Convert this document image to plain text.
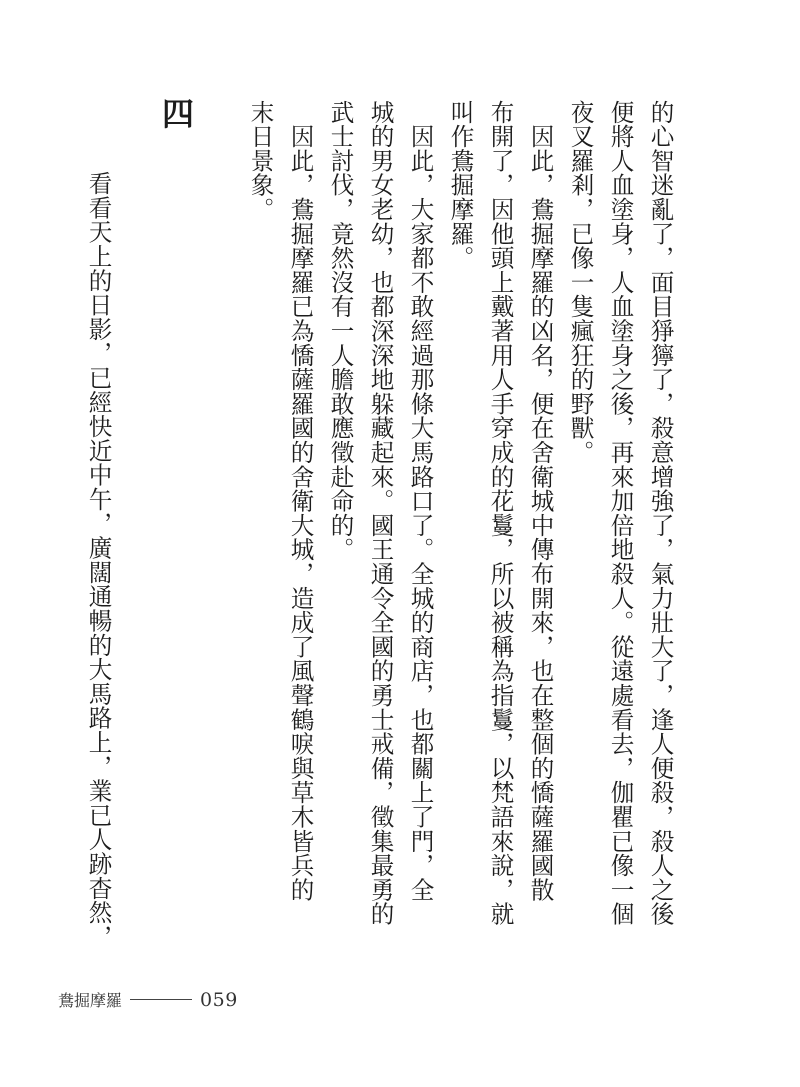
的心智迷亂了，面目猙獰了，殺意增強了，氣力壯大了，逢人便殺，殺人之後

便將人血塗身，人血塗身之後，再來加倍地殺人。從遠處看去，伽瞿已像一個

夜叉羅剎，已像一隻瘋狂的野獸。

　因此，鴦掘摩羅的凶名，便在舍衛城中傳布開來，也在整個的憍薩羅國散

布開了，因他頭上戴著用人手穿成的花鬘，所以被稱為指鬘，以梵語來說，就

叫作鴦掘摩羅。

　因此，大家都不敢經過那條大馬路口了。全城的商店，也都關上了門，全

城的男女老幼，也都深深地躲藏起來。國王通令全國的勇士戒備，徵集最勇的

武士討伐，竟然沒有一人膽敢應徵赴命的。

　因此，鴦掘摩羅已為憍薩羅國的舍衛大城，造成了風聲鶴唳與草木皆兵的

末日景象。

四

　看看天上的日影，已經快近中午，廣闊通暢的大馬路上，業已人跡杳然，

鴦掘摩羅	059
